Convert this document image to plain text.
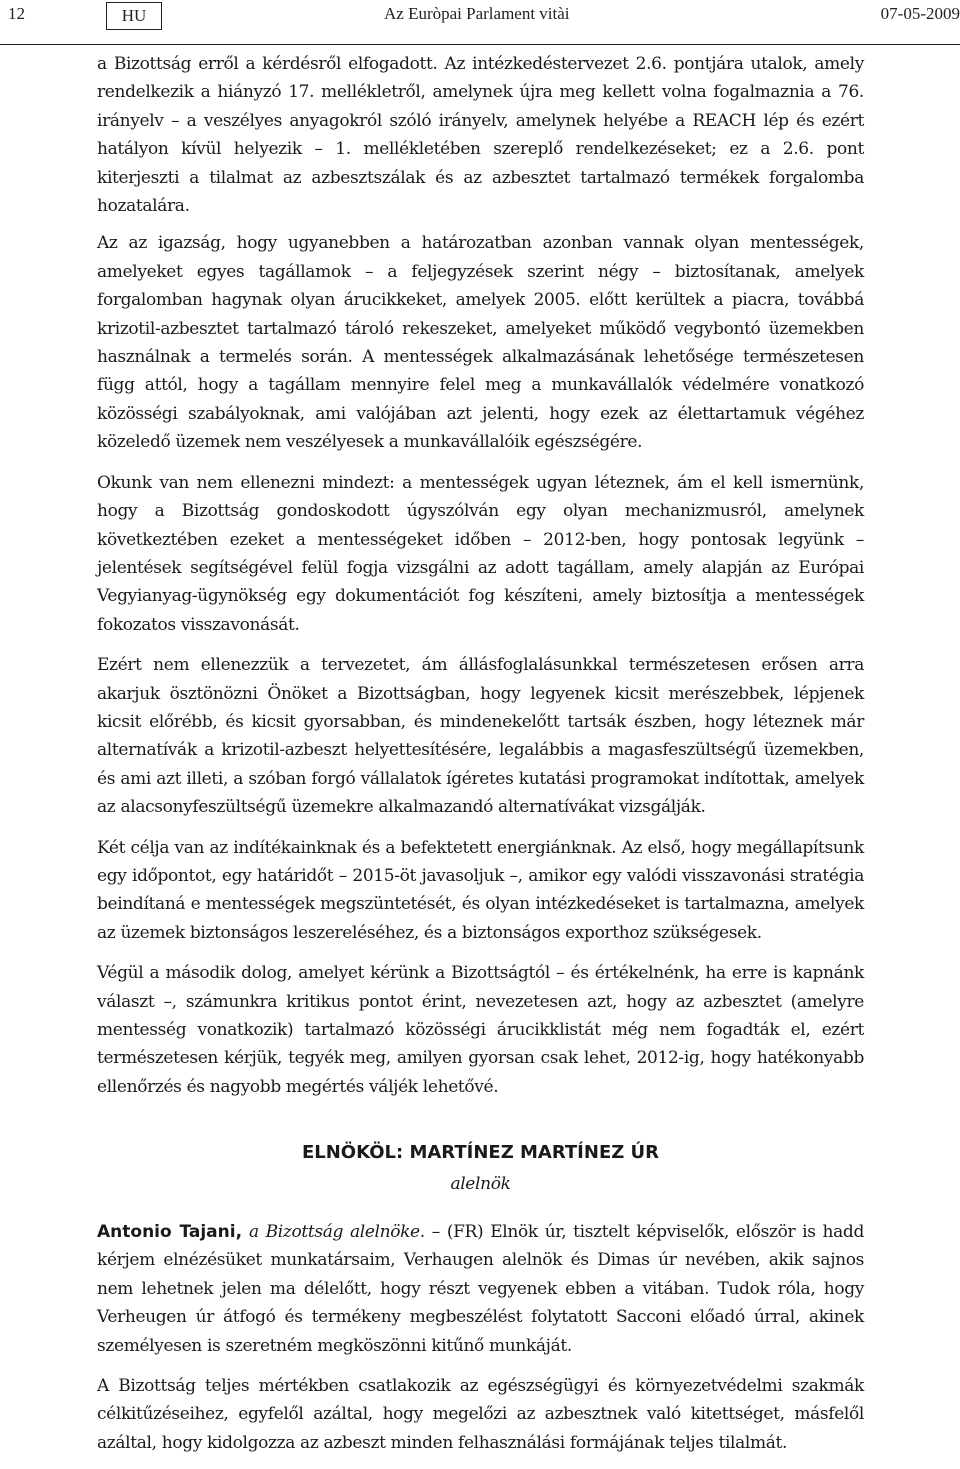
12	HU	Az Euròpai Parlament vitài	07-05-2009

a Bizottság erről a kérdésről elfogadott. Az intézkedéstervezet 2.6. pontjára utalok, amely rendelkezik a hiányzó 17. mellékletről, amelynek újra meg kellett volna fogalmaznia a 76. irányelv – a veszélyes anyagokról szóló irányelv, amelynek helyébe a REACH lép és ezért hatályon kívül helyezik – 1. mellékletében szereplő rendelkezéseket; ez a 2.6. pont kiterjeszti a tilalmat az azbesztszálak és az azbesztet tartalmazó termékek forgalomba hozatalára.

Az az igazság, hogy ugyanebben a határozatban azonban vannak olyan mentességek, amelyeket egyes tagállamok – a feljegyzések szerint négy – biztosítanak, amelyek forgalomban hagynak olyan árucikkeket, amelyek 2005. előtt kerültek a piacra, továbbá krizotil-azbesztet tartalmazó tároló rekeszeket, amelyeket működő vegybontó üzemekben használnak a termelés során. A mentességek alkalmazásának lehetősége természetesen függ attól, hogy a tagállam mennyire felel meg a munkavállalók védelmére vonatkozó közösségi szabályoknak, ami valójában azt jelenti, hogy ezek az élettartamuk végéhez közeledő üzemek nem veszélyesek a munkavállalóik egészségére.

Okunk van nem ellenezni mindezt: a mentességek ugyan léteznek, ám el kell ismernünk, hogy a Bizottság gondoskodott úgyszólván egy olyan mechanizmusról, amelynek következtében ezeket a mentességeket időben – 2012-ben, hogy pontosak legyünk – jelentések segítségével felül fogja vizsgálni az adott tagállam, amely alapján az Európai Vegyianyag-ügynökség egy dokumentációt fog készíteni, amely biztosítja a mentességek fokozatos visszavonását.

Ezért nem ellenezzük a tervezetet, ám állásfoglalásunkkal természetesen erősen arra akarjuk ösztönözni Önöket a Bizottságban, hogy legyenek kicsit merészebbek, lépjenek kicsit előrébb, és kicsit gyorsabban, és mindenekelőtt tartsák észben, hogy léteznek már alternatívák a krizotil-azbeszt helyettesítésére, legalábbis a magasfeszültségű üzemekben, és ami azt illeti, a szóban forgó vállalatok ígéretes kutatási programokat indítottak, amelyek az alacsonyfeszültségű üzemekre alkalmazandó alternatívákat vizsgálják.

Két célja van az indítékainknak és a befektetett energiánknak. Az első, hogy megállapítsunk egy időpontot, egy határidőt – 2015-öt javasoljuk –, amikor egy valódi visszavonási stratégia beindítaná e mentességek megszüntetését, és olyan intézkedéseket is tartalmazna, amelyek az üzemek biztonságos leszereléséhez, és a biztonságos exporthoz szükségesek.

Végül a második dolog, amelyet kérünk a Bizottságtól – és értékelnénk, ha erre is kapnánk választ –, számunkra kritikus pontot érint, nevezetesen azt, hogy az azbesztet (amelyre mentesség vonatkozik) tartalmazó közösségi árucikklistát még nem fogadták el, ezért természetesen kérjük, tegyék meg, amilyen gyorsan csak lehet, 2012-ig, hogy hatékonyabb ellenőrzés és nagyobb megértés váljék lehetővé.

ELNÖKÖL: MARTÍNEZ MARTÍNEZ ÚR
alelnök

Antonio Tajani, a Bizottság alelnöke. – (FR) Elnök úr, tisztelt képviselők, először is hadd kérjem elnézésüket munkatársaim, Verhaugen alelnök és Dimas úr nevében, akik sajnos nem lehetnek jelen ma délelőtt, hogy részt vegyenek ebben a vitában. Tudok róla, hogy Verheugen úr átfogó és termékeny megbeszélést folytatott Sacconi előadó úrral, akinek személyesen is szeretném megköszönni kitűnő munkáját.

A Bizottság teljes mértékben csatlakozik az egészségügyi és környezetvédelmi szakmák célkitűzéseihez, egyfelől azáltal, hogy megelőzi az azbesztnek való kitettséget, másfelől azáltal, hogy kidolgozza az azbeszt minden felhasználási formájának teljes tilalmát.
